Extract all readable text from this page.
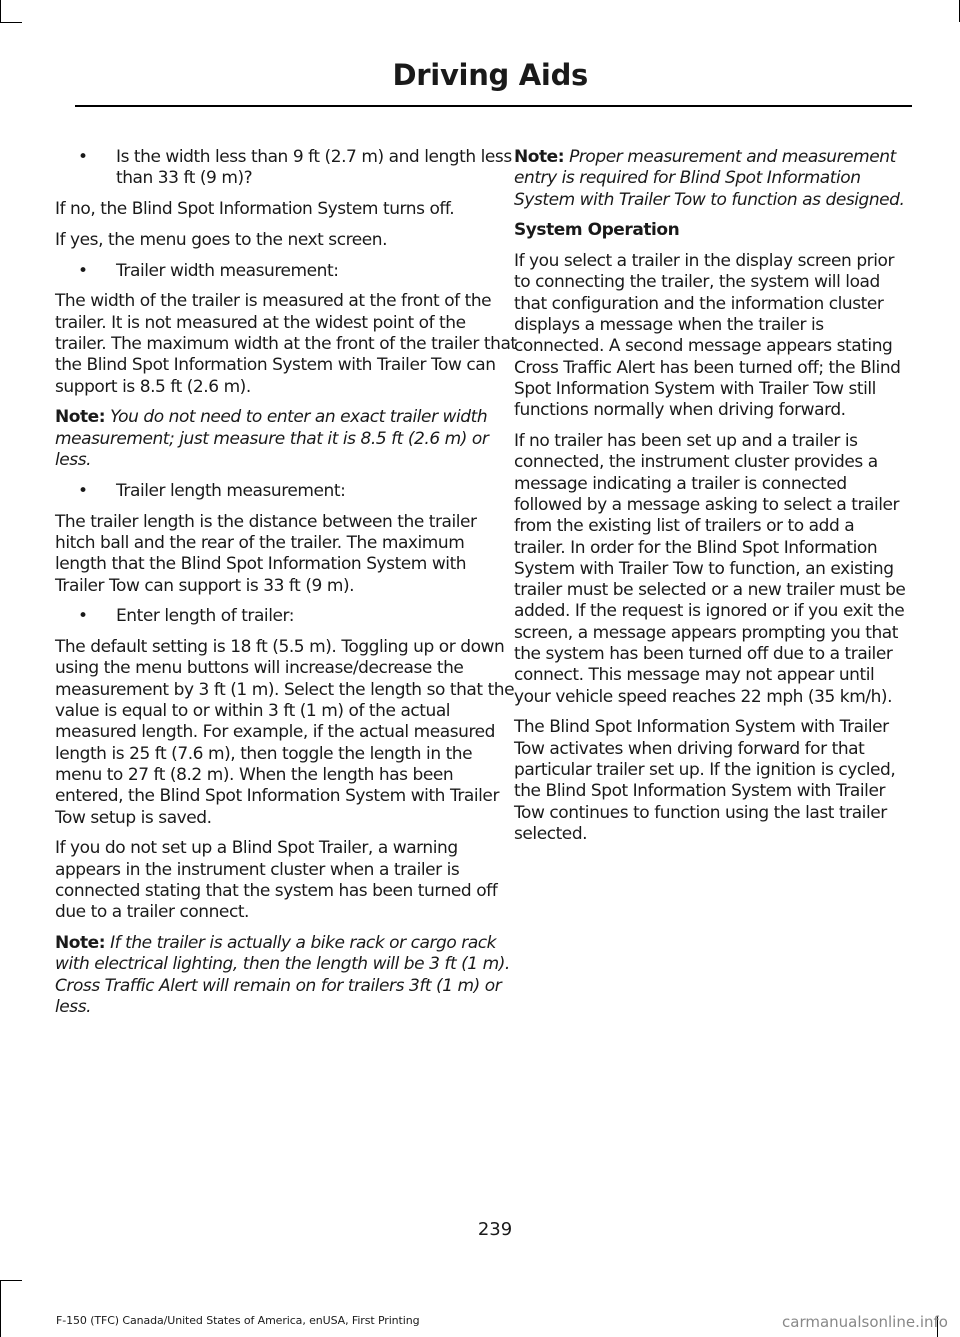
Driving Aids
• Is the width less than 9 ft (2.7 m) and length less than 33 ft (9 m)?

If no, the Blind Spot Information System turns off.

If yes, the menu goes to the next screen.

• Trailer width measurement:

The width of the trailer is measured at the front of the trailer. It is not measured at the widest point of the trailer. The maximum width at the front of the trailer that the Blind Spot Information System with Trailer Tow can support is 8.5 ft (2.6 m).

Note: You do not need to enter an exact trailer width measurement; just measure that it is 8.5 ft (2.6 m) or less.

• Trailer length measurement:

The trailer length is the distance between the trailer hitch ball and the rear of the trailer. The maximum length that the Blind Spot Information System with Trailer Tow can support is 33 ft (9 m).

• Enter length of trailer:

The default setting is 18 ft (5.5 m). Toggling up or down using the menu buttons will increase/decrease the measurement by 3 ft (1 m). Select the length so that the value is equal to or within 3 ft (1 m) of the actual measured length. For example, if the actual measured length is 25 ft (7.6 m), then toggle the length in the menu to 27 ft (8.2 m). When the length has been entered, the Blind Spot Information System with Trailer Tow setup is saved.

If you do not set up a Blind Spot Trailer, a warning appears in the instrument cluster when a trailer is connected stating that the system has been turned off due to a trailer connect.

Note: If the trailer is actually a bike rack or cargo rack with electrical lighting, then the length will be 3 ft (1 m). Cross Traffic Alert will remain on for trailers 3ft (1 m) or less.

Note: Proper measurement and measurement entry is required for Blind Spot Information System with Trailer Tow to function as designed.

System Operation

If you select a trailer in the display screen prior to connecting the trailer, the system will load that configuration and the information cluster displays a message when the trailer is connected. A second message appears stating Cross Traffic Alert has been turned off; the Blind Spot Information System with Trailer Tow still functions normally when driving forward.

If no trailer has been set up and a trailer is connected, the instrument cluster provides a message indicating a trailer is connected followed by a message asking to select a trailer from the existing list of trailers or to add a trailer. In order for the Blind Spot Information System with Trailer Tow to function, an existing trailer must be selected or a new trailer must be added. If the request is ignored or if you exit the screen, a message appears prompting you that the system has been turned off due to a trailer connect. This message may not appear until your vehicle speed reaches 22 mph (35 km/h).

The Blind Spot Information System with Trailer Tow activates when driving forward for that particular trailer set up. If the ignition is cycled, the Blind Spot Information System with Trailer Tow continues to function using the last trailer selected.

239
F-150 (TFC) Canada/United States of America, enUSA, First Printing	carmanualsonline.info
